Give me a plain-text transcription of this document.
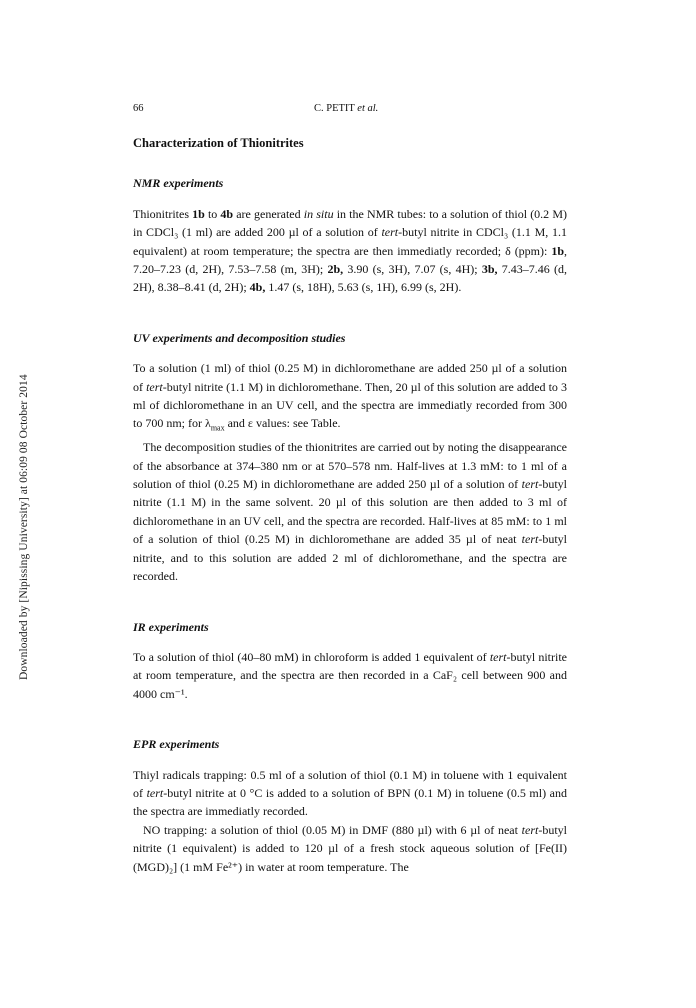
Downloaded by [Nipissing University] at 06:09 08 October 2014
66	C. PETIT et al.
Characterization of Thionitrites
NMR experiments

Thionitrites 1b to 4b are generated in situ in the NMR tubes: to a solution of thiol (0.2 M) in CDCl₃ (1 ml) are added 200 µl of a solution of tert-butyl nitrite in CDCl₃ (1.1 M, 1.1 equivalent) at room temperature; the spectra are then immediatly recorded; δ (ppm): 1b, 7.20–7.23 (d, 2H), 7.53–7.58 (m, 3H); 2b, 3.90 (s, 3H), 7.07 (s, 4H); 3b, 7.43–7.46 (d, 2H), 8.38–8.41 (d, 2H); 4b, 1.47 (s, 18H), 5.63 (s, 1H), 6.99 (s, 2H).

UV experiments and decomposition studies

To a solution (1 ml) of thiol (0.25 M) in dichloromethane are added 250 µl of a solution of tert-butyl nitrite (1.1 M) in dichloromethane. Then, 20 µl of this solution are added to 3 ml of dichloromethane in an UV cell, and the spectra are immediatly recorded from 300 to 700 nm; for $\lambda_{max}$ and ε values: see Table.

The decomposition studies of the thionitrites are carried out by noting the disappearance of the absorbance at 374–380 nm or at 570–578 nm. Half-lives at 1.3 mM: to 1 ml of a solution of thiol (0.25 M) in dichloromethane are added 250 µl of a solution of tert-butyl nitrite (1.1 M) in the same solvent. 20 µl of this solution are then added to 3 ml of dichloromethane in an UV cell, and the spectra are recorded. Half-lives at 85 mM: to 1 ml of a solution of thiol (0.25 M) in dichloromethane are added 35 µl of neat tert-butyl nitrite, and to this solution are added 2 ml of dichloromethane, and the spectra are recorded.

IR experiments

To a solution of thiol (40–80 mM) in chloroform is added 1 equivalent of tert-butyl nitrite at room temperature, and the spectra are then recorded in a CaF₂ cell between 900 and 4000 cm⁻¹.

EPR experiments

Thiyl radicals trapping: 0.5 ml of a solution of thiol (0.1 M) in toluene with 1 equivalent of tert-butyl nitrite at 0 °C is added to a solution of BPN (0.1 M) in toluene (0.5 ml) and the spectra are immediatly recorded.

NO trapping: a solution of thiol (0.05 M) in DMF (880 µl) with 6 µl of neat tert-butyl nitrite (1 equivalent) is added to 120 µl of a fresh stock aqueous solution of [Fe(II)(MGD)₂] (1 mM Fe²⁺) in water at room temperature. The
